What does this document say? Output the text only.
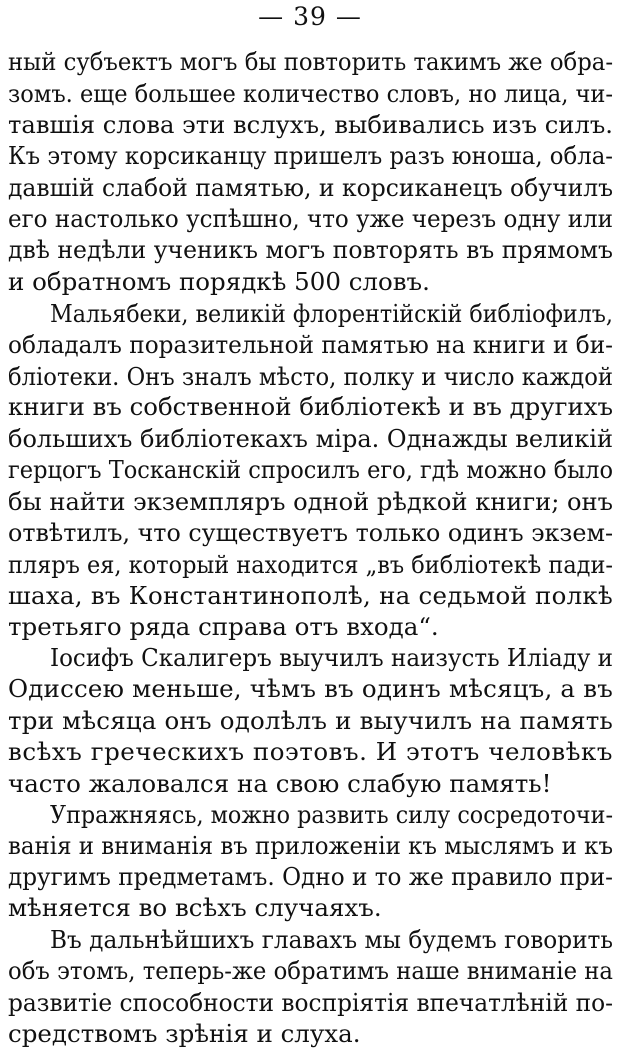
— 39 —
ный субъектъ могъ бы повторить такимъ же обра-
зомъ. еще большее количество словъ, но лица, чи-
тавшія слова эти вслухъ, выбивались изъ силъ.
Къ этому корсиканцу пришелъ разъ юноша, обла-
давшій слабой памятью, и корсиканецъ обучилъ
его настолько успѣшно, что уже черезъ одну или
двѣ недѣли ученикъ могъ повторять въ прямомъ
и обратномъ порядкѣ 500 словъ.
Мальябеки, великій флорентійскій библіофилъ,
обладалъ поразительной памятью на книги и би-
бліотеки. Онъ зналъ мѣсто, полку и число каждой
книги въ собственной библіотекѣ и въ другихъ
большихъ библіотекахъ міра. Однажды великій
герцогъ Тосканскій спросилъ его, гдѣ можно было
бы найти экземпляръ одной рѣдкой книги; онъ
отвѣтилъ, что существуетъ только одинъ экзем-
пляръ ея, который находится „въ библіотекѣ пади-
шаха, въ Константинополѣ, на седьмой полкѣ
третьяго ряда справа отъ входа“.
Іосифъ Скалигеръ выучилъ наизусть Иліаду и
Одиссею меньше, чѣмъ въ одинъ мѣсяцъ, а въ
три мѣсяца онъ одолѣлъ и выучилъ на память
всѣхъ греческихъ поэтовъ. И этотъ человѣкъ
часто жаловался на свою слабую память!
Упражняясь, можно развить силу сосредоточи-
ванія и вниманія въ приложеніи къ мыслямъ и къ
другимъ предметамъ. Одно и то же правило при-
мѣняется во всѣхъ случаяхъ.
Въ дальнѣйшихъ главахъ мы будемъ говорить
объ этомъ, теперь-же обратимъ наше вниманіе на
развитіе способности воспріятія впечатлѣній по-
средствомъ зрѣнія и слуха.
